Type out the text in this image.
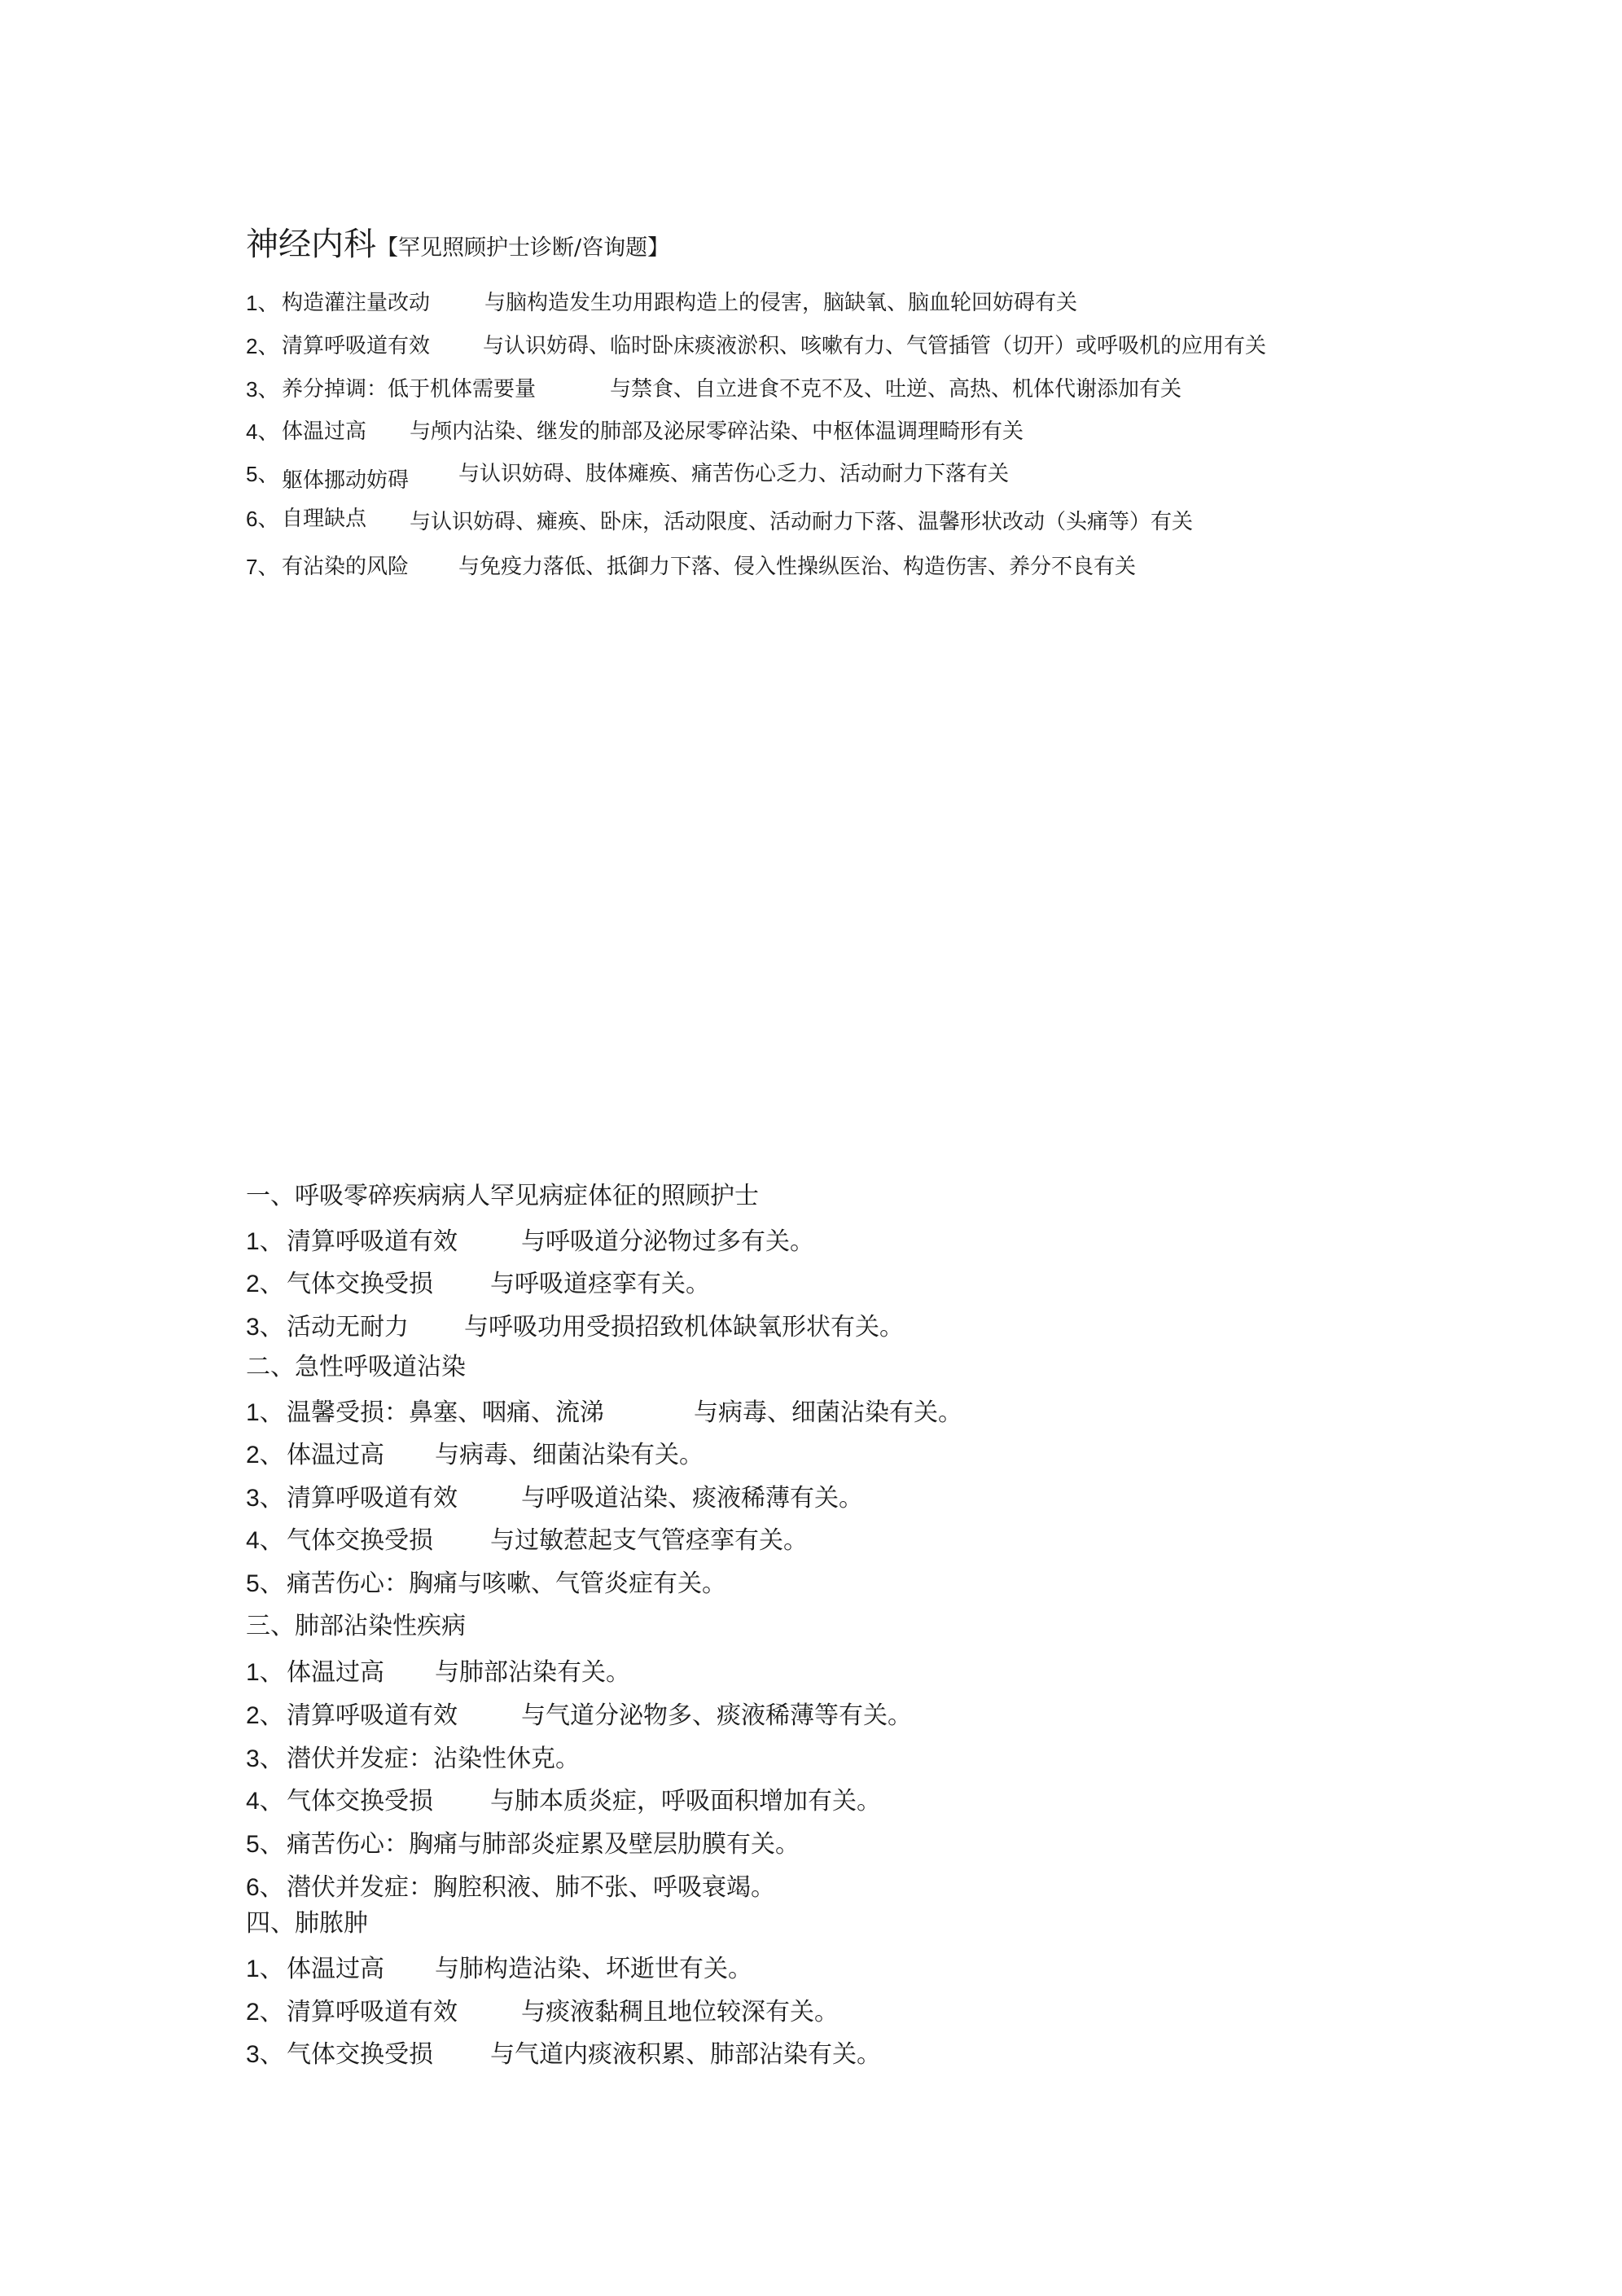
神经内科【罕见照顾护士诊断/咨询题】
1、 构造灌注量改动	与脑构造发生功用跟构造上的侵害，脑缺氧、脑血轮回妨碍有关
2、 清算呼吸道有效 与认识妨碍、临时卧床痰液淤积、咳嗽有力、气管插管（切开）或呼吸机的应用有关
3、 养分掉调：低于机体需要量	与禁食、自立进食不克不及、吐逆、高热、机体代谢添加有关
4、 体温过高 与颅内沾染、继发的肺部及泌尿零碎沾染、中枢体温调理畸形有关
5、 躯体挪动妨碍 与认识妨碍、肢体瘫痪、痛苦伤心乏力、活动耐力下落有关
6、 自理缺点 与认识妨碍、瘫痪、卧床，活动限度、活动耐力下落、温馨形状改动（头痛等）有关
7、 有沾染的风险 与免疫力落低、抵御力下落、侵入性操纵医治、构造伤害、养分不良有关
一、呼吸零碎疾病病人罕见病症体征的照顾护士
1、 清算呼吸道有效	与呼吸道分泌物过多有关。
2、 气体交换受损 与呼吸道痉挛有关。
3、 活动无耐力 与呼吸功用受损招致机体缺氧形状有关。
二、急性呼吸道沾染
1、 温馨受损：鼻塞、咽痛、流涕	与病毒、细菌沾染有关。
2、 体温过高 与病毒、细菌沾染有关。
3、 清算呼吸道有效	与呼吸道沾染、痰液稀薄有关。
4、 气体交换受损 与过敏惹起支气管痉挛有关。
5、 痛苦伤心：胸痛与咳嗽、气管炎症有关。
三、肺部沾染性疾病
1、 体温过高 与肺部沾染有关。
2、 清算呼吸道有效	与气道分泌物多、痰液稀薄等有关。
3、 潜伏并发症：沾染性休克。
4、 气体交换受损 与肺本质炎症，呼吸面积增加有关。
5、 痛苦伤心：胸痛与肺部炎症累及壁层肋膜有关。
6、 潜伏并发症：胸腔积液、肺不张、呼吸衰竭。
四、肺脓肿
1、 体温过高 与肺构造沾染、坏逝世有关。
2、 清算呼吸道有效	与痰液黏稠且地位较深有关。
3、 气体交换受损 与气道内痰液积累、肺部沾染有关。
